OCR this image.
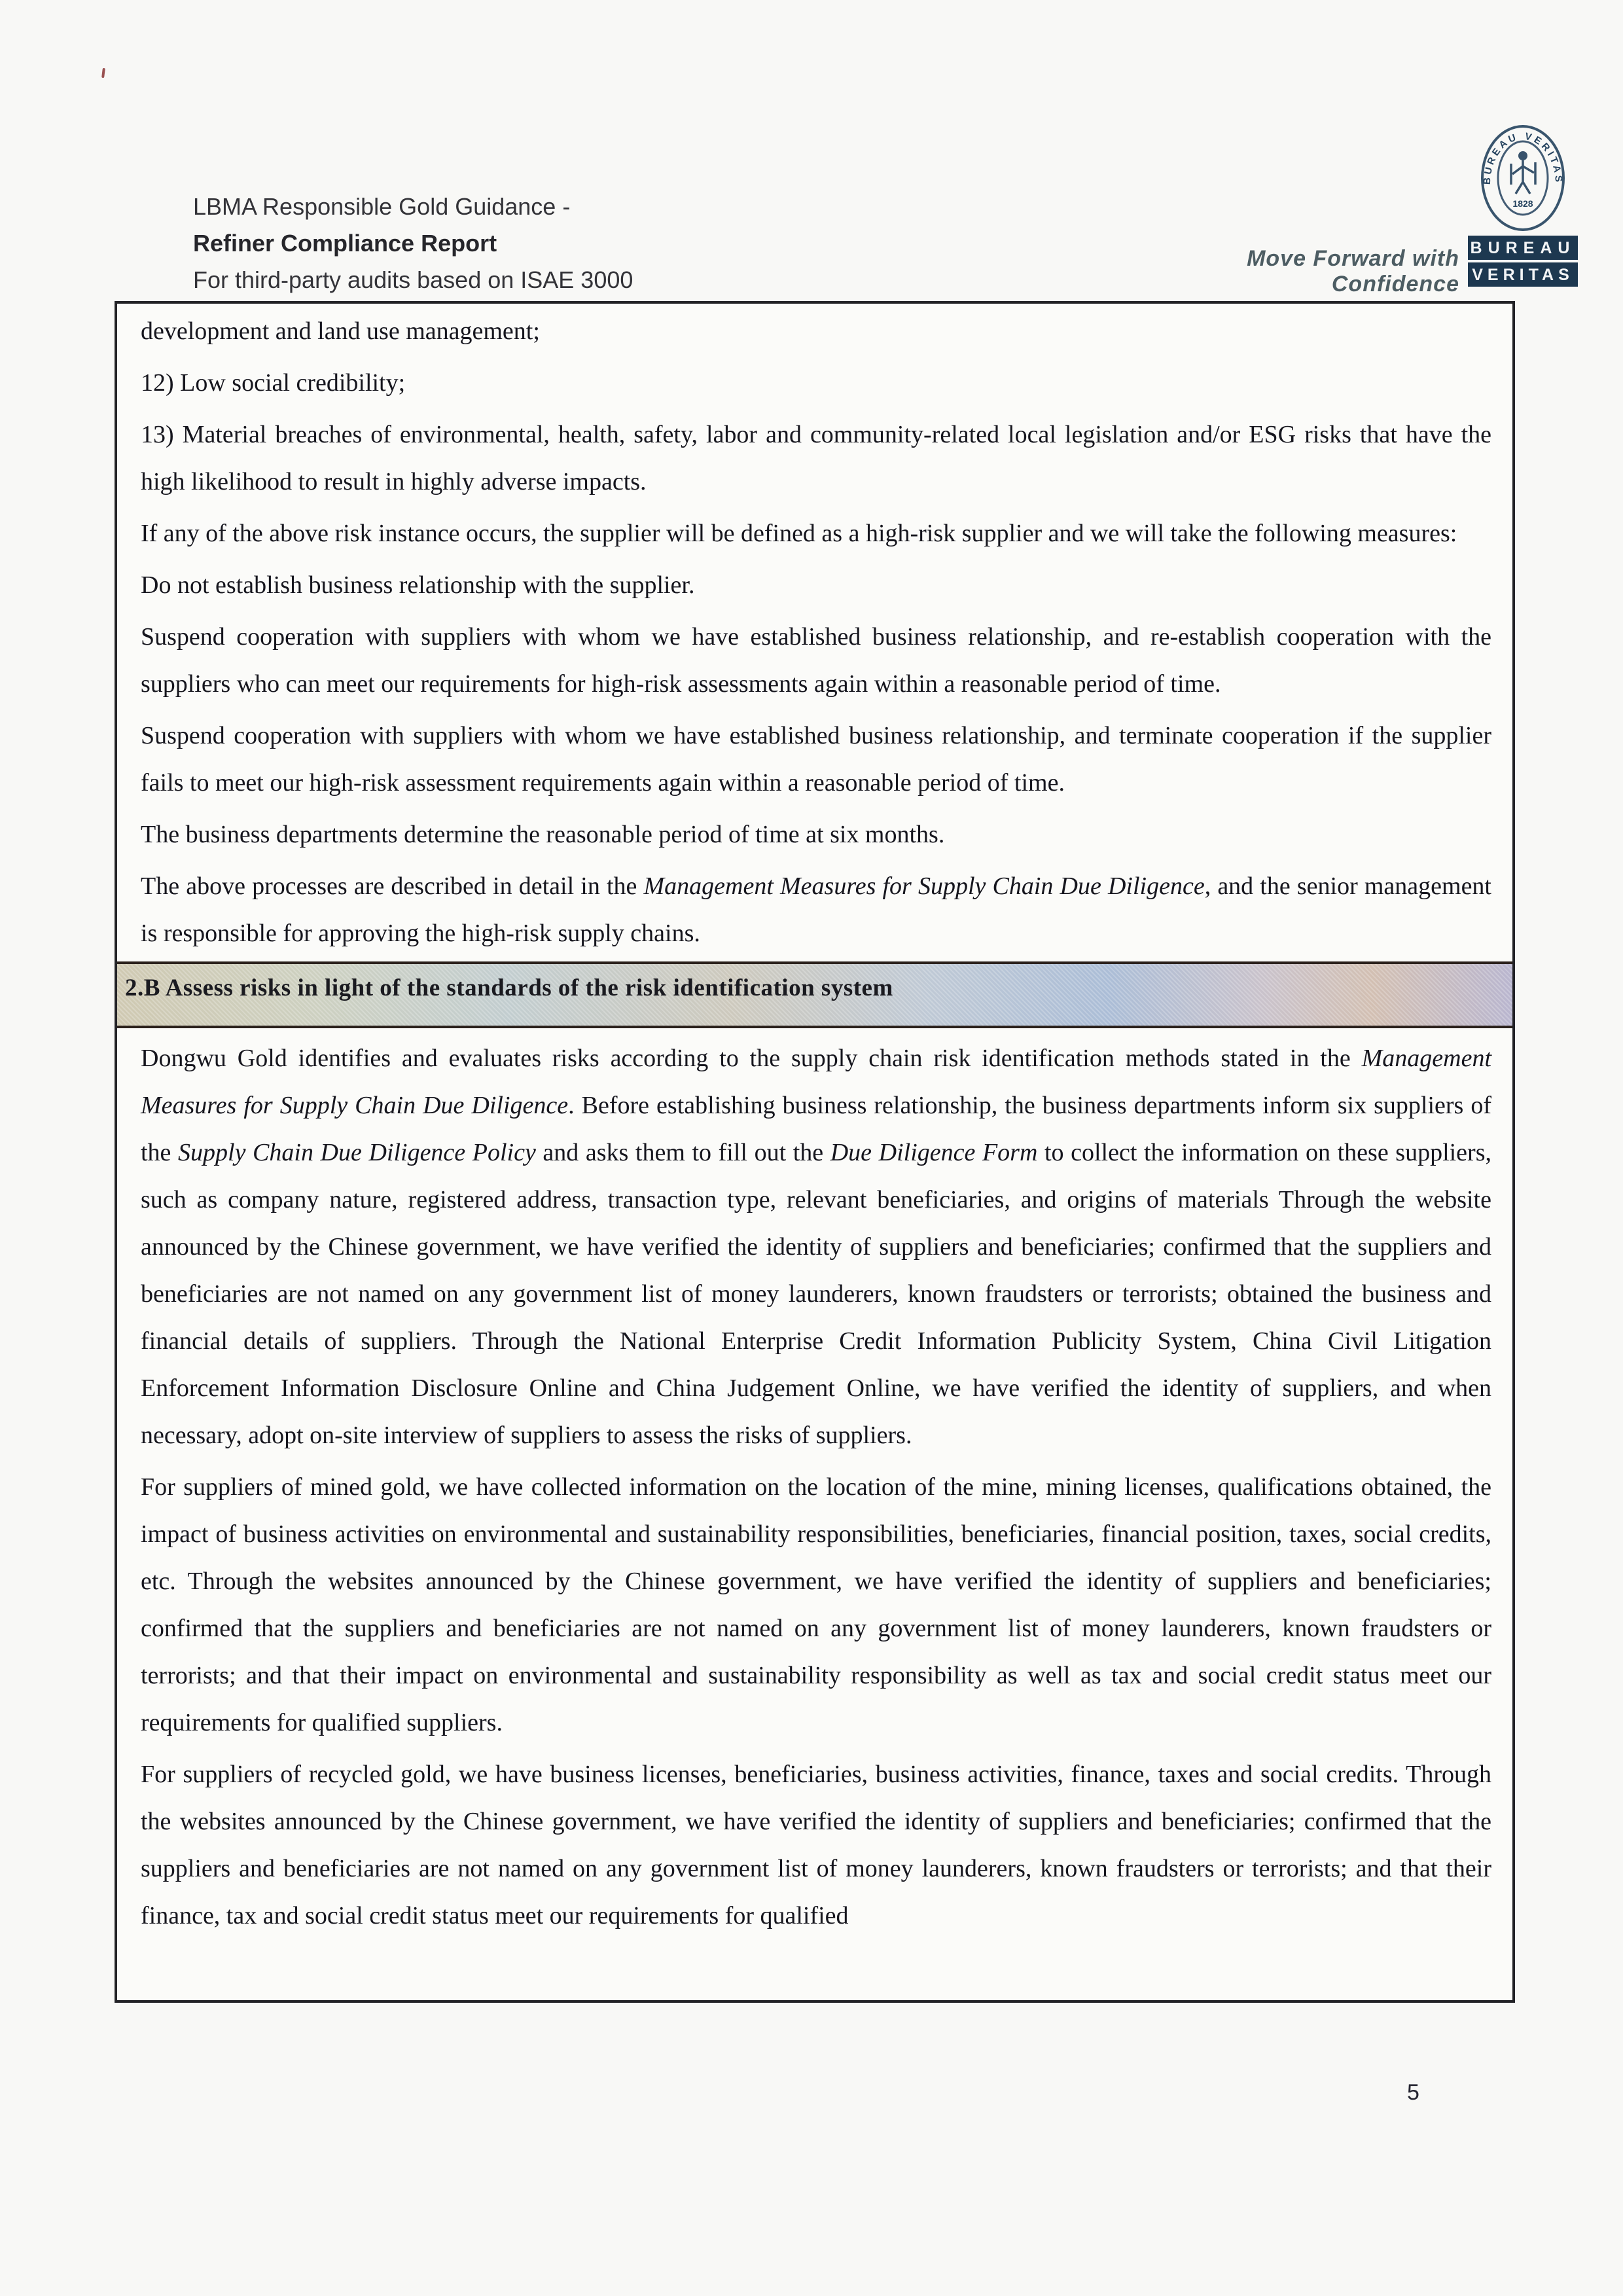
LBMA Responsible Gold Guidance -
Refiner Compliance Report
For third-party audits based on ISAE 3000
Move Forward with Confidence
BUREAU VERITAS
1828
BUREAU
VERITAS

development and land use management;

12) Low social credibility;

13) Material breaches of environmental, health, safety, labor and community-related local legislation and/or ESG risks that have the high likelihood to result in highly adverse impacts.

If any of the above risk instance occurs, the supplier will be defined as a high-risk supplier and we will take the following measures:

Do not establish business relationship with the supplier.

Suspend cooperation with suppliers with whom we have established business relationship, and re-establish cooperation with the suppliers who can meet our requirements for high-risk assessments again within a reasonable period of time.

Suspend cooperation with suppliers with whom we have established business relationship, and terminate cooperation if the supplier fails to meet our high-risk assessment requirements again within a reasonable period of time.

The business departments determine the reasonable period of time at six months.

The above processes are described in detail in the Management Measures for Supply Chain Due Diligence, and the senior management is responsible for approving the high-risk supply chains.

2.B Assess risks in light of the standards of the risk identification system

Dongwu Gold identifies and evaluates risks according to the supply chain risk identification methods stated in the Management Measures for Supply Chain Due Diligence. Before establishing business relationship, the business departments inform six suppliers of the Supply Chain Due Diligence Policy and asks them to fill out the Due Diligence Form to collect the information on these suppliers, such as company nature, registered address, transaction type, relevant beneficiaries, and origins of materials Through the website announced by the Chinese government, we have verified the identity of suppliers and beneficiaries; confirmed that the suppliers and beneficiaries are not named on any government list of money launderers, known fraudsters or terrorists; obtained the business and financial details of suppliers. Through the National Enterprise Credit Information Publicity System, China Civil Litigation Enforcement Information Disclosure Online and China Judgement Online, we have verified the identity of suppliers, and when necessary, adopt on-site interview of suppliers to assess the risks of suppliers.

For suppliers of mined gold, we have collected information on the location of the mine, mining licenses, qualifications obtained, the impact of business activities on environmental and sustainability responsibilities, beneficiaries, financial position, taxes, social credits, etc. Through the websites announced by the Chinese government, we have verified the identity of suppliers and beneficiaries; confirmed that the suppliers and beneficiaries are not named on any government list of money launderers, known fraudsters or terrorists; and that their impact on environmental and sustainability responsibility as well as tax and social credit status meet our requirements for qualified suppliers.

For suppliers of recycled gold, we have business licenses, beneficiaries, business activities, finance, taxes and social credits. Through the websites announced by the Chinese government, we have verified the identity of suppliers and beneficiaries; confirmed that the suppliers and beneficiaries are not named on any government list of money launderers, known fraudsters or terrorists; and that their finance, tax and social credit status meet our requirements for qualified

5
